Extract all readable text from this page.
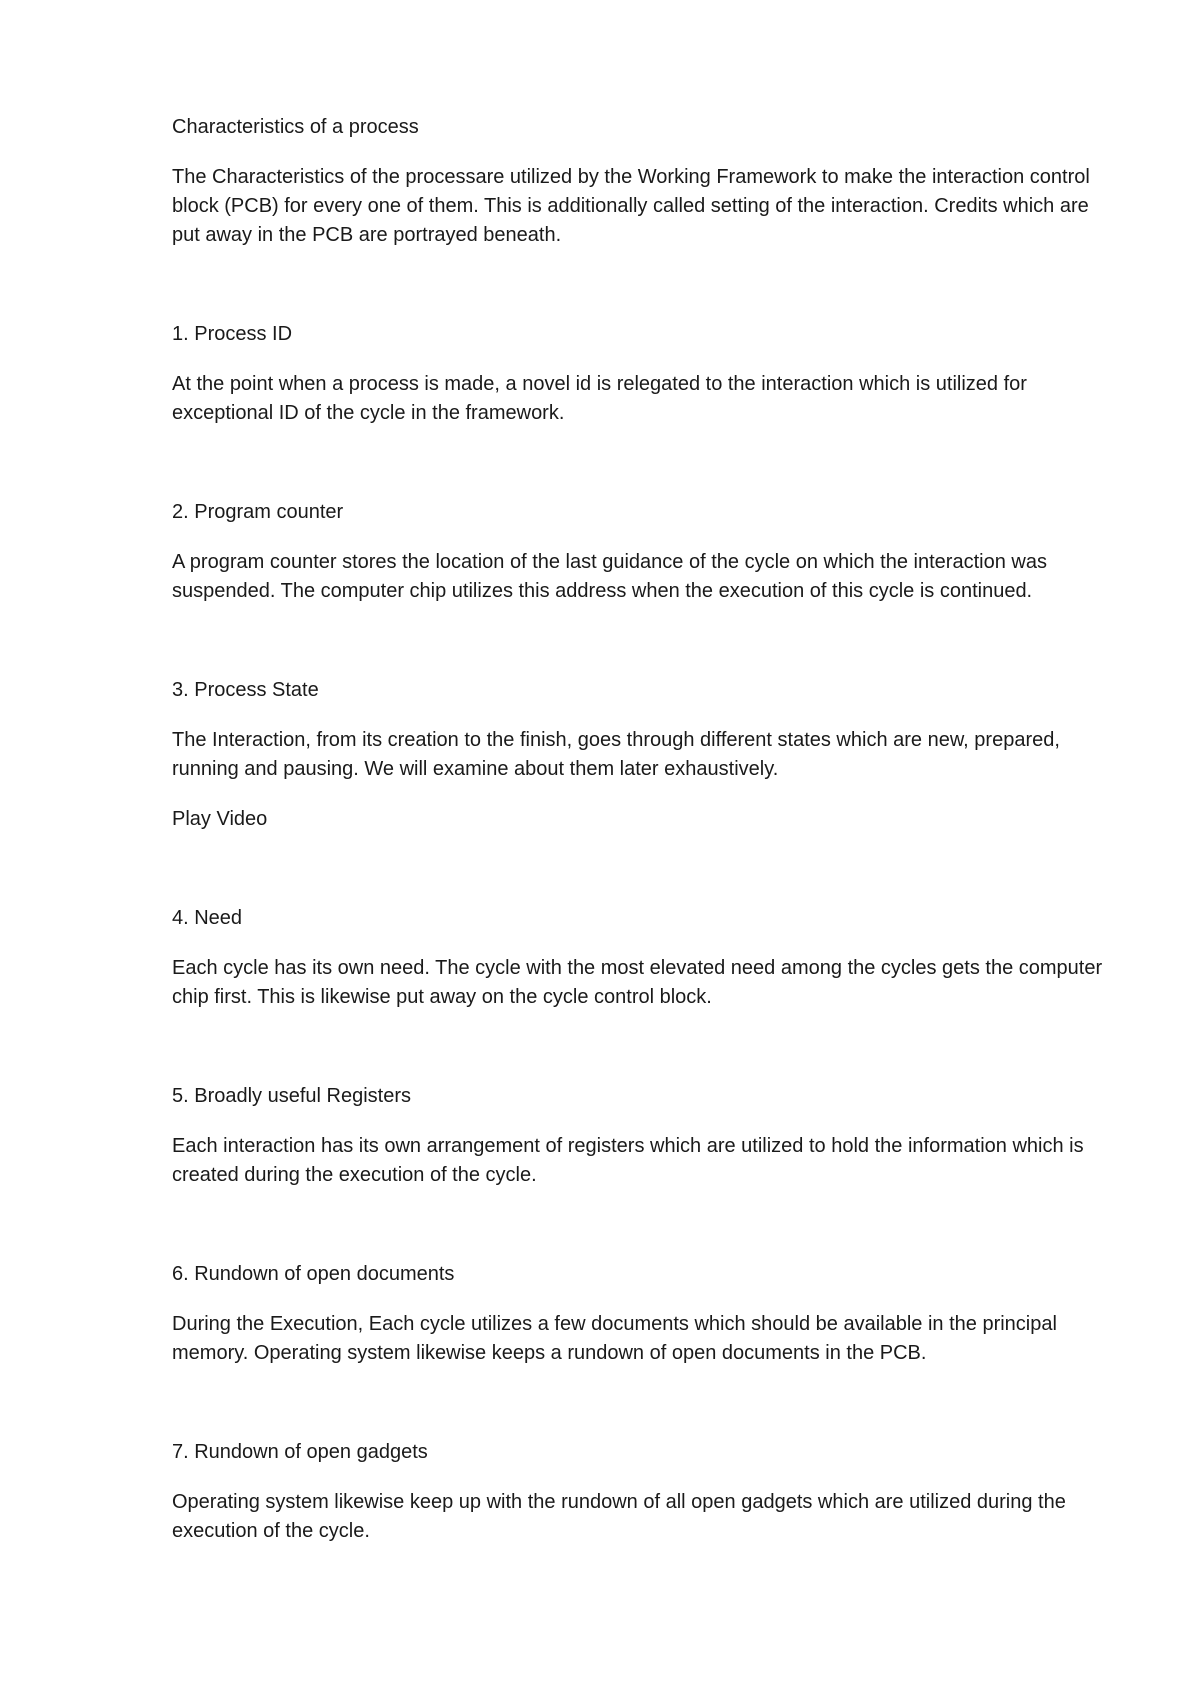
Characteristics of a process

The Characteristics of the processare utilized by the Working Framework to make the interaction control block (PCB) for every one of them. This is additionally called setting of the interaction. Credits which are put away in the PCB are portrayed beneath.

1. Process ID

At the point when a process is made, a novel id is relegated to the interaction which is utilized for exceptional ID of the cycle in the framework.

2. Program counter

A program counter stores the location of the last guidance of the cycle on which the interaction was suspended. The computer chip utilizes this address when the execution of this cycle is continued.

3. Process State

The Interaction, from its creation to the finish, goes through different states which are new, prepared, running and pausing. We will examine about them later exhaustively.

Play Video

4. Need

Each cycle has its own need. The cycle with the most elevated need among the cycles gets the computer chip first. This is likewise put away on the cycle control block.

5. Broadly useful Registers

Each interaction has its own arrangement of registers which are utilized to hold the information which is created during the execution of the cycle.

6. Rundown of open documents

During the Execution, Each cycle utilizes a few documents which should be available in the principal memory. Operating system likewise keeps a rundown of open documents in the PCB.

7. Rundown of open gadgets

Operating system likewise keep up with the rundown of all open gadgets which are utilized during the execution of the cycle.
